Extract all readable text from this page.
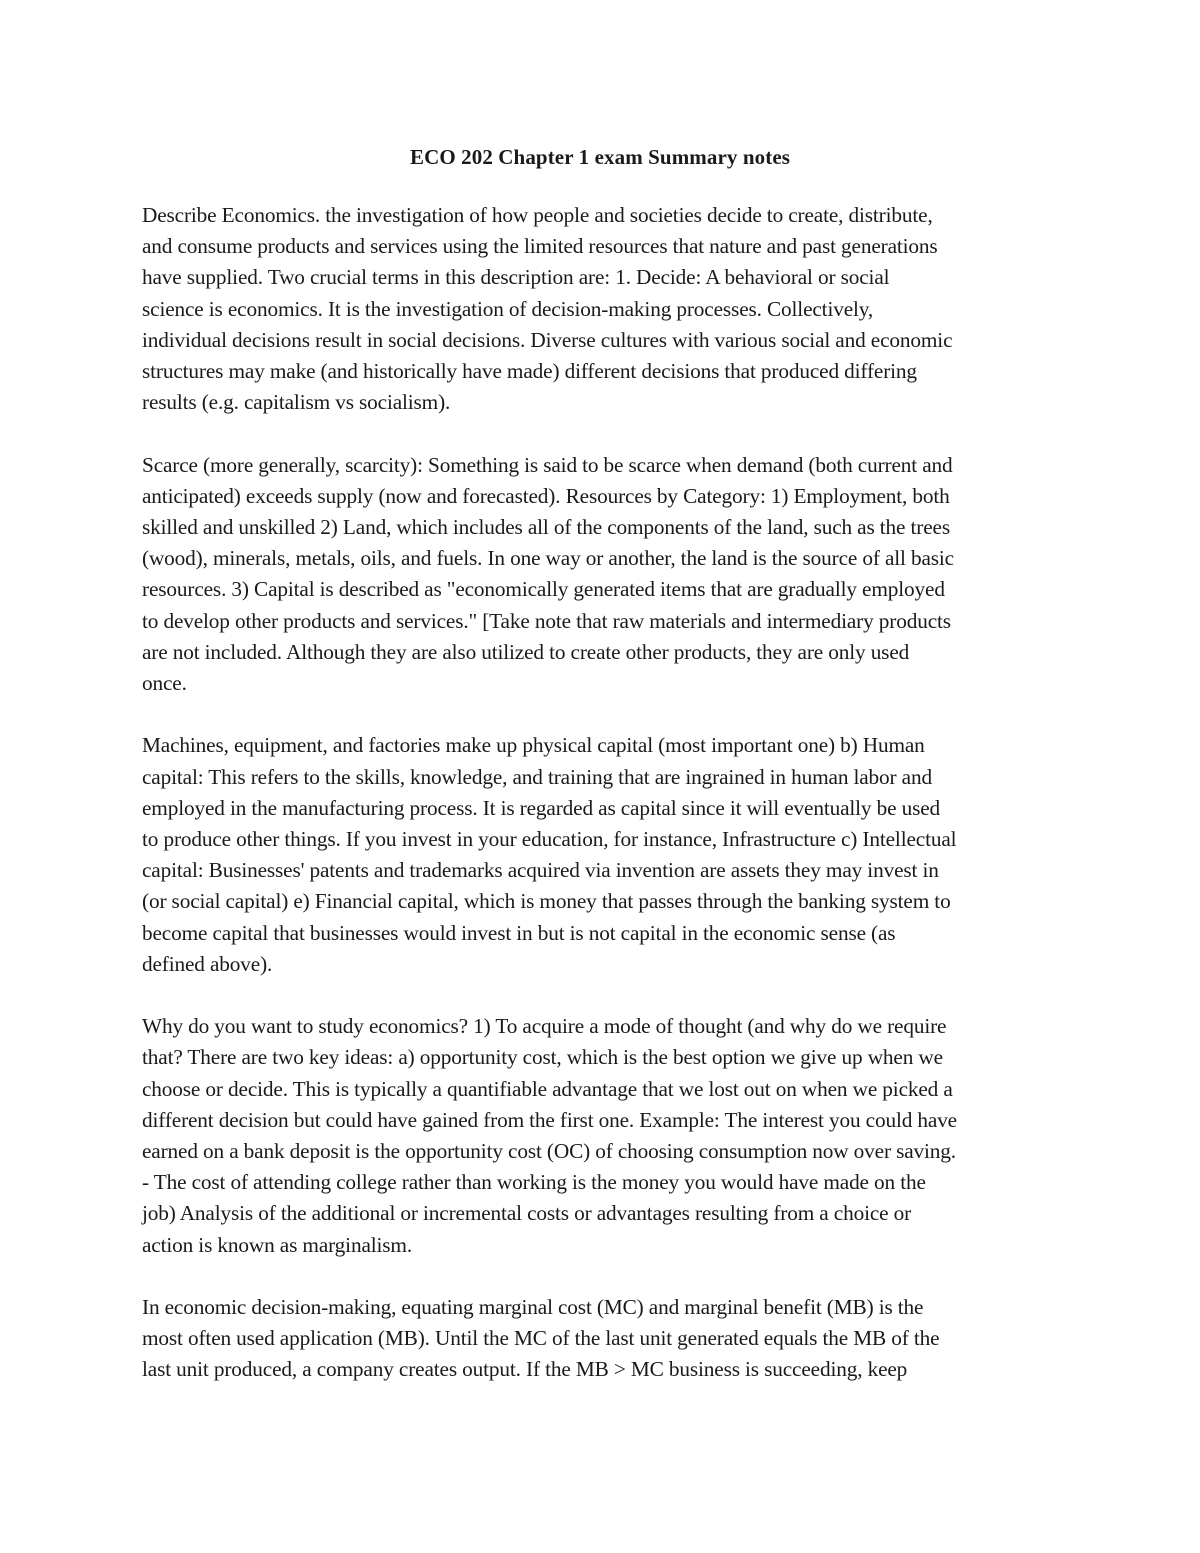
ECO 202 Chapter 1 exam Summary notes

Describe Economics. the investigation of how people and societies decide to create, distribute,
and consume products and services using the limited resources that nature and past generations
have supplied. Two crucial terms in this description are: 1. Decide: A behavioral or social
science is economics. It is the investigation of decision-making processes. Collectively,
individual decisions result in social decisions. Diverse cultures with various social and economic
structures may make (and historically have made) different decisions that produced differing
results (e.g. capitalism vs socialism).

Scarce (more generally, scarcity): Something is said to be scarce when demand (both current and
anticipated) exceeds supply (now and forecasted). Resources by Category: 1) Employment, both
skilled and unskilled 2) Land, which includes all of the components of the land, such as the trees
(wood), minerals, metals, oils, and fuels. In one way or another, the land is the source of all basic
resources. 3) Capital is described as "economically generated items that are gradually employed
to develop other products and services." [Take note that raw materials and intermediary products
are not included. Although they are also utilized to create other products, they are only used
once.

Machines, equipment, and factories make up physical capital (most important one) b) Human
capital: This refers to the skills, knowledge, and training that are ingrained in human labor and
employed in the manufacturing process. It is regarded as capital since it will eventually be used
to produce other things. If you invest in your education, for instance, Infrastructure c) Intellectual
capital: Businesses' patents and trademarks acquired via invention are assets they may invest in
(or social capital) e) Financial capital, which is money that passes through the banking system to
become capital that businesses would invest in but is not capital in the economic sense (as
defined above).

Why do you want to study economics? 1) To acquire a mode of thought (and why do we require
that? There are two key ideas: a) opportunity cost, which is the best option we give up when we
choose or decide. This is typically a quantifiable advantage that we lost out on when we picked a
different decision but could have gained from the first one. Example: The interest you could have
earned on a bank deposit is the opportunity cost (OC) of choosing consumption now over saving.
- The cost of attending college rather than working is the money you would have made on the
job) Analysis of the additional or incremental costs or advantages resulting from a choice or
action is known as marginalism.

In economic decision-making, equating marginal cost (MC) and marginal benefit (MB) is the
most often used application (MB). Until the MC of the last unit generated equals the MB of the
last unit produced, a company creates output. If the MB > MC business is succeeding, keep
